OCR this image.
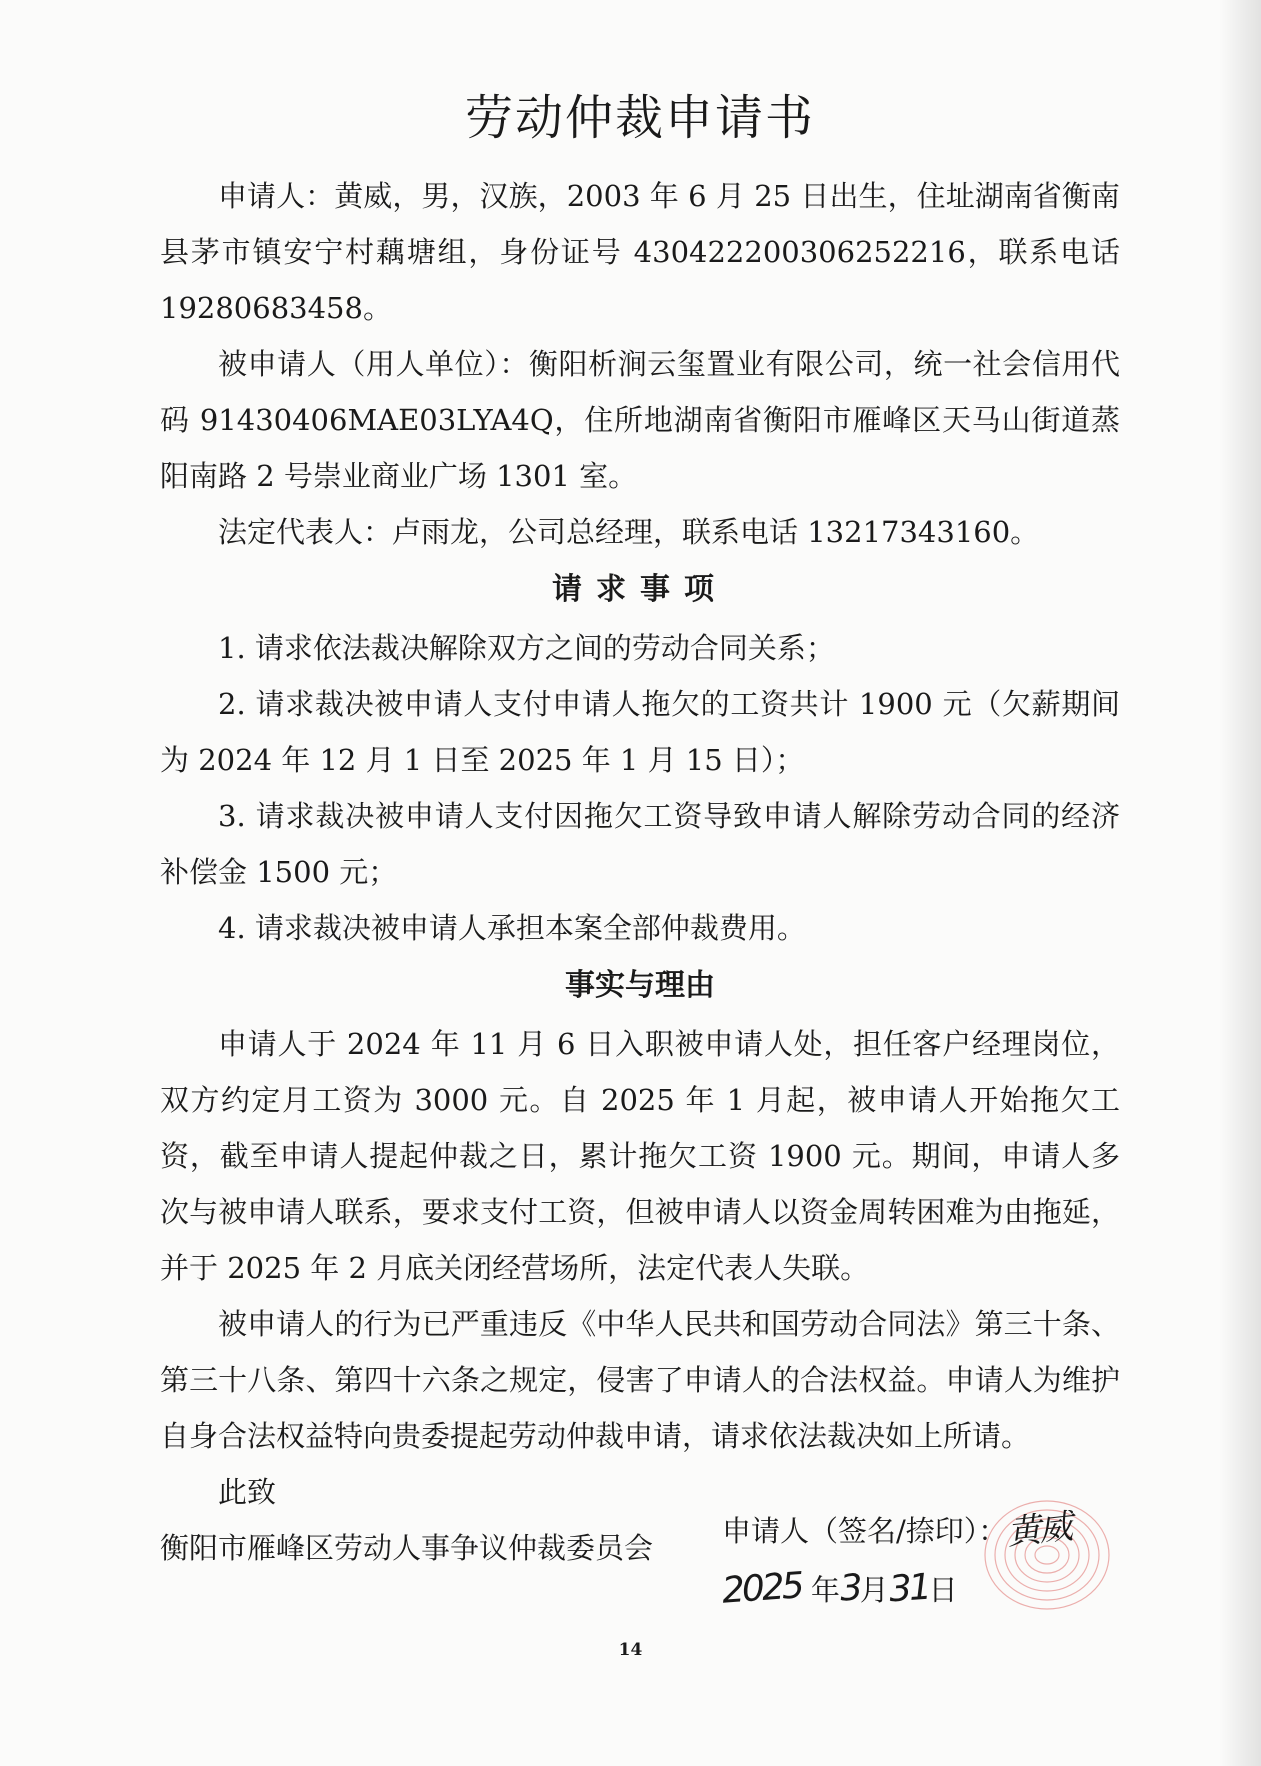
劳动仲裁申请书

申请人：黄威，男，汉族，2003 年 6 月 25 日出生，住址湖南省衡南县茅市镇安宁村藕塘组，身份证号 430422200306252216，联系电话 19280683458。

被申请人（用人单位）：衡阳析涧云玺置业有限公司，统一社会信用代码 91430406MAE03LYA4Q，住所地湖南省衡阳市雁峰区天马山街道蒸阳南路 2 号崇业商业广场 1301 室。

法定代表人：卢雨龙，公司总经理，联系电话 13217343160。

请求事项

1. 请求依法裁决解除双方之间的劳动合同关系；

2. 请求裁决被申请人支付申请人拖欠的工资共计 1900 元（欠薪期间为 2024 年 12 月 1 日至 2025 年 1 月 15 日）；

3. 请求裁决被申请人支付因拖欠工资导致申请人解除劳动合同的经济补偿金 1500 元；

4. 请求裁决被申请人承担本案全部仲裁费用。

事实与理由

申请人于 2024 年 11 月 6 日入职被申请人处，担任客户经理岗位，双方约定月工资为 3000 元。自 2025 年 1 月起，被申请人开始拖欠工资，截至申请人提起仲裁之日，累计拖欠工资 1900 元。期间，申请人多次与被申请人联系，要求支付工资，但被申请人以资金周转困难为由拖延，并于 2025 年 2 月底关闭经营场所，法定代表人失联。

被申请人的行为已严重违反《中华人民共和国劳动合同法》第三十条、第三十八条、第四十六条之规定，侵害了申请人的合法权益。申请人为维护自身合法权益特向贵委提起劳动仲裁申请，请求依法裁决如上所请。

此致

衡阳市雁峰区劳动人事争议仲裁委员会	申请人（签名/捺印）：黄威
2025 年3月31日
14
